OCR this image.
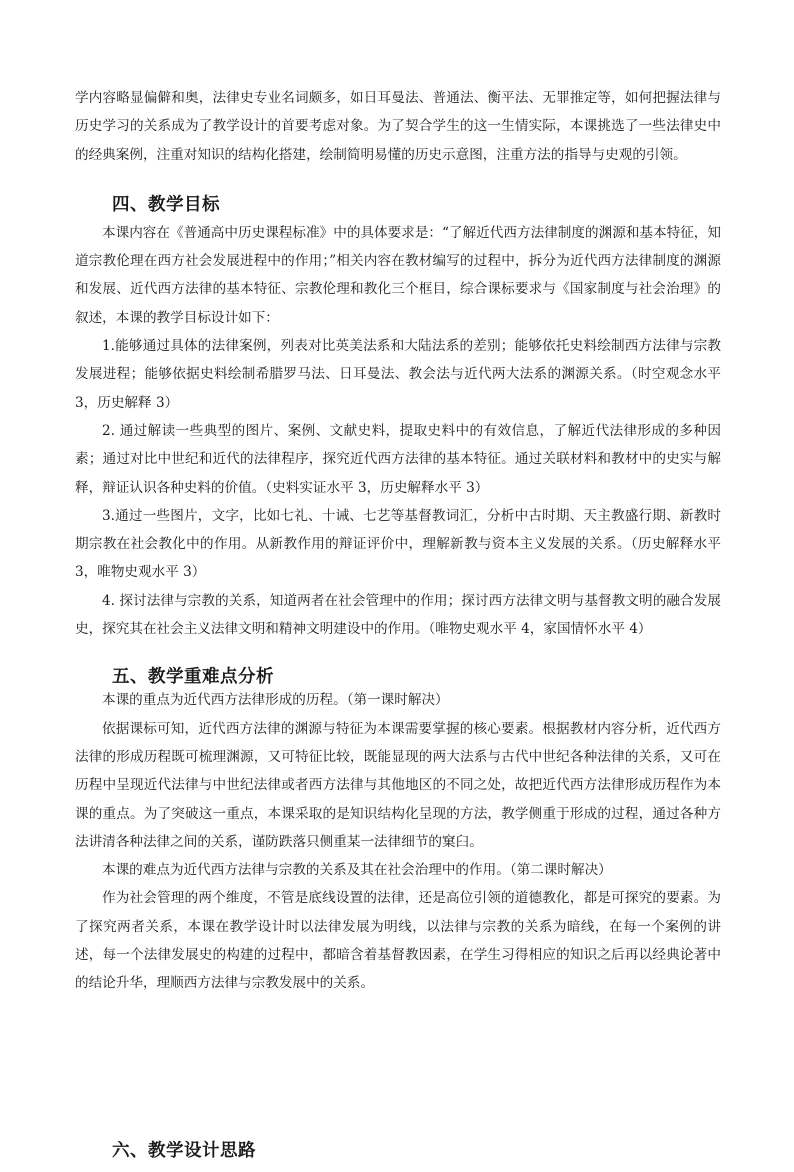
学内容略显偏僻和奥，法律史专业名词颇多，如日耳曼法、普通法、衡平法、无罪推定等，如何把握法律与历史学习的关系成为了教学设计的首要考虑对象。为了契合学生的这一生情实际，本课挑选了一些法律史中的经典案例，注重对知识的结构化搭建，绘制简明易懂的历史示意图，注重方法的指导与史观的引领。

四、教学目标

本课内容在《普通高中历史课程标准》中的具体要求是：“了解近代西方法律制度的渊源和基本特征，知道宗教伦理在西方社会发展进程中的作用；”相关内容在教材编写的过程中，拆分为近代西方法律制度的渊源和发展、近代西方法律的基本特征、宗教伦理和教化三个框目，综合课标要求与《国家制度与社会治理》的叙述，本课的教学目标设计如下：

1.能够通过具体的法律案例，列表对比英美法系和大陆法系的差别；能够依托史料绘制西方法律与宗教发展进程；能够依据史料绘制希腊罗马法、日耳曼法、教会法与近代两大法系的渊源关系。（时空观念水平 3，历史解释 3）

2. 通过解读一些典型的图片、案例、文献史料，提取史料中的有效信息，了解近代法律形成的多种因素；通过对比中世纪和近代的法律程序，探究近代西方法律的基本特征。通过关联材料和教材中的史实与解释，辩证认识各种史料的价值。（史料实证水平 3，历史解释水平 3）

3.通过一些图片，文字，比如七礼、十诫、七艺等基督教词汇，分析中古时期、天主教盛行期、新教时期宗教在社会教化中的作用。从新教作用的辩证评价中，理解新教与资本主义发展的关系。（历史解释水平 3，唯物史观水平 3）

4. 探讨法律与宗教的关系，知道两者在社会管理中的作用；探讨西方法律文明与基督教文明的融合发展史，探究其在社会主义法律文明和精神文明建设中的作用。（唯物史观水平 4，家国情怀水平 4）

五、教学重难点分析

本课的重点为近代西方法律形成的历程。（第一课时解决）

依据课标可知，近代西方法律的渊源与特征为本课需要掌握的核心要素。根据教材内容分析，近代西方法律的形成历程既可梳理渊源，又可特征比较，既能显现的两大法系与古代中世纪各种法律的关系，又可在历程中呈现近代法律与中世纪法律或者西方法律与其他地区的不同之处，故把近代西方法律形成历程作为本课的重点。为了突破这一重点，本课采取的是知识结构化呈现的方法，教学侧重于形成的过程，通过各种方法讲清各种法律之间的关系，谨防跌落只侧重某一法律细节的窠臼。

本课的难点为近代西方法律与宗教的关系及其在社会治理中的作用。（第二课时解决）

作为社会管理的两个维度，不管是底线设置的法律，还是高位引领的道德教化，都是可探究的要素。为了探究两者关系，本课在教学设计时以法律发展为明线，以法律与宗教的关系为暗线，在每一个案例的讲述，每一个法律发展史的构建的过程中，都暗含着基督教因素，在学生习得相应的知识之后再以经典论著中的结论升华，理顺西方法律与宗教发展中的关系。

六、教学设计思路
